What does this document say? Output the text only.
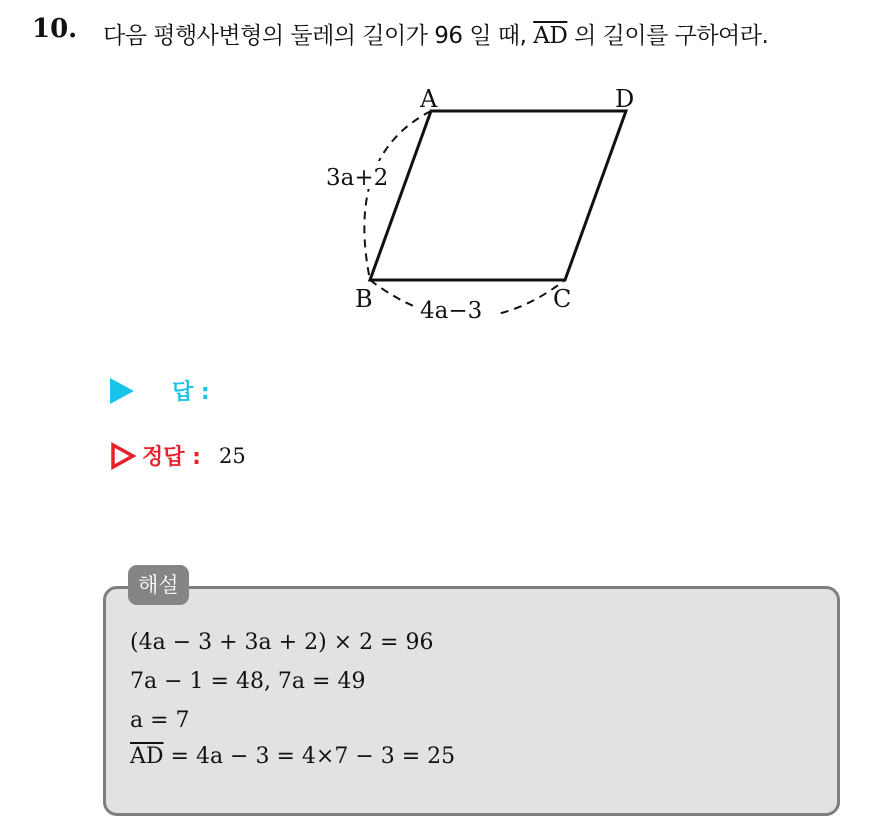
10. 다음 평행사변형의 둘레의 길이가 96 일 때, $\overline{AD}$ 의 길이를 구하여라.
A	D
B	C
3a+2
4a−3
답 :
정답 : 25
해설
(4a − 3 + 3a + 2) × 2 = 96
7a − 1 = 48, 7a = 49
a = 7
$\overline{AD} = 4a - 3 = 4\times 7 - 3 = 25$
